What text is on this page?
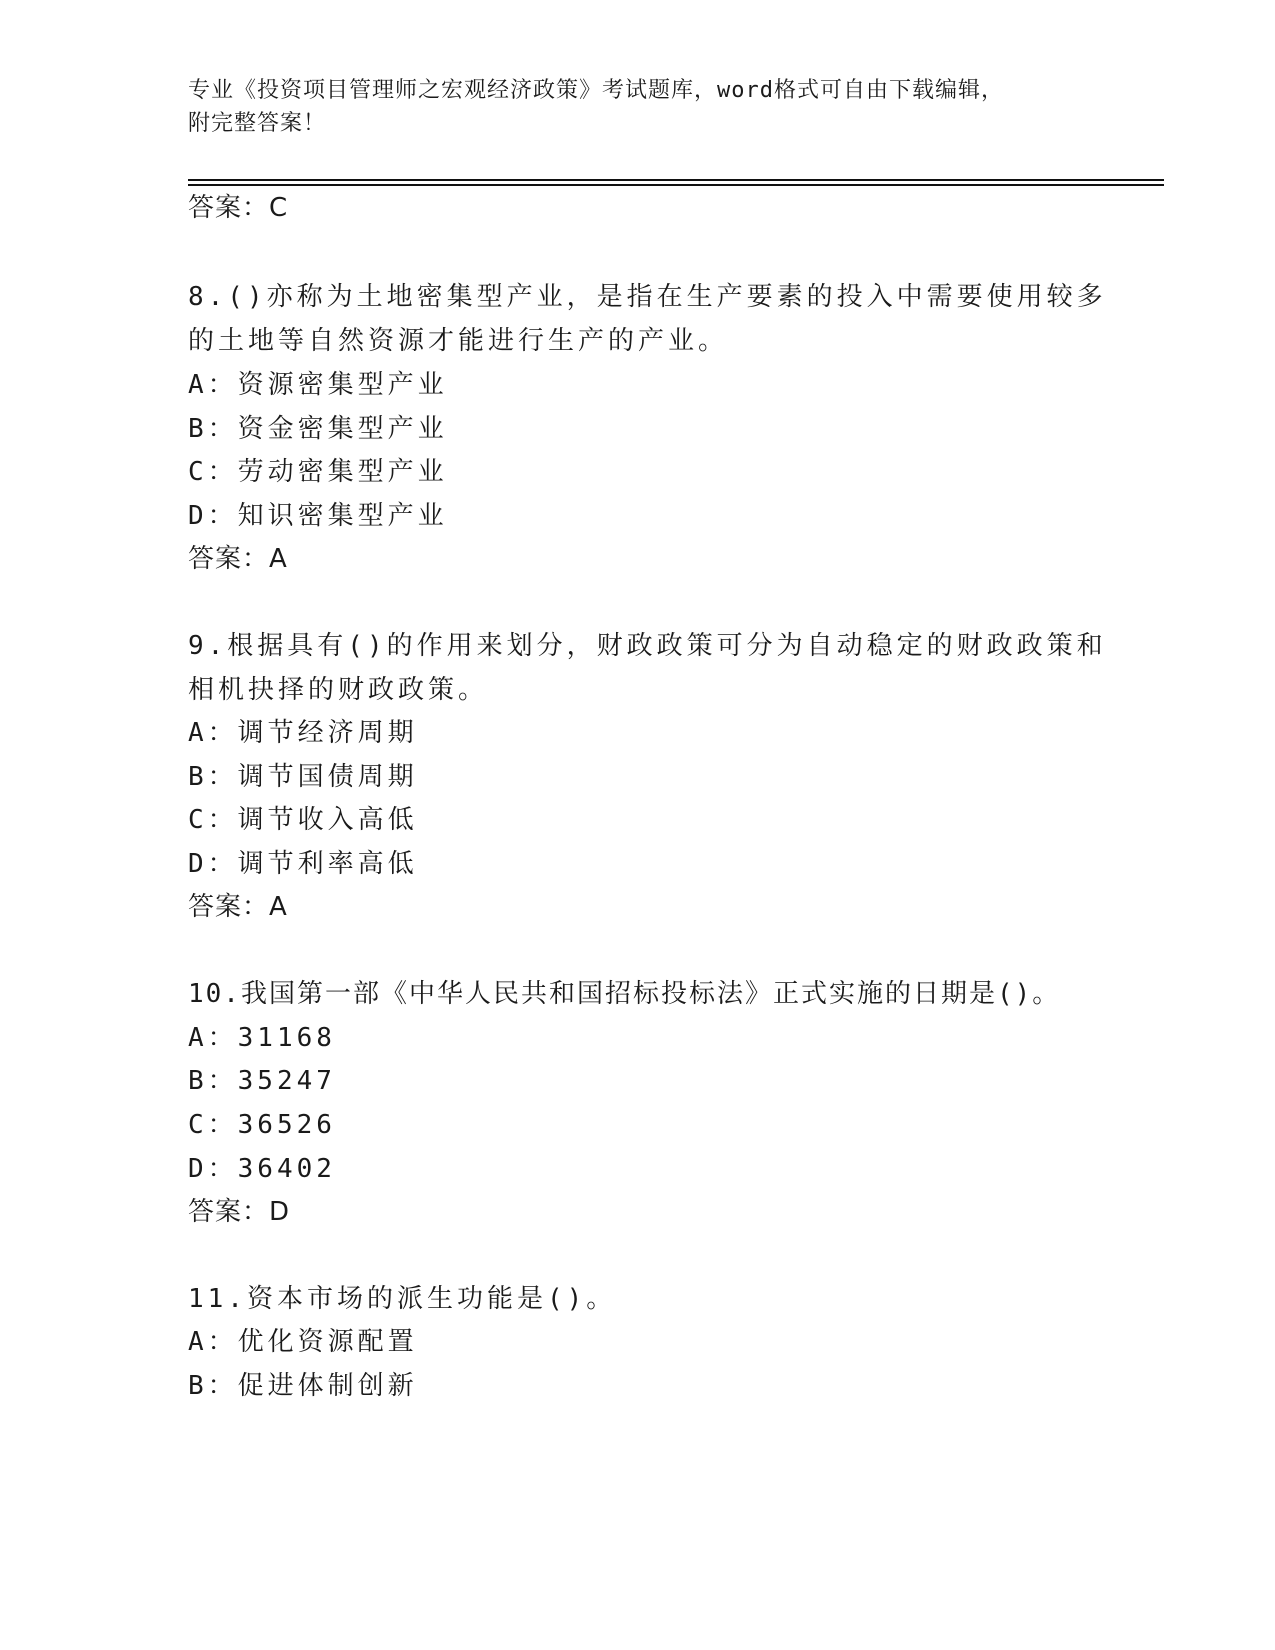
专业《投资项目管理师之宏观经济政策》考试题库，word格式可自由下载编辑，
附完整答案！
答案：C
8.()亦称为土地密集型产业，是指在生产要素的投入中需要使用较多
的土地等自然资源才能进行生产的产业。
A：资源密集型产业
B：资金密集型产业
C：劳动密集型产业
D：知识密集型产业
答案：A
9.根据具有()的作用来划分，财政政策可分为自动稳定的财政政策和
相机抉择的财政政策。
A：调节经济周期
B：调节国债周期
C：调节收入高低
D：调节利率高低
答案：A
10.我国第一部《中华人民共和国招标投标法》正式实施的日期是()。
A：31168
B：35247
C：36526
D：36402
答案：D
11.资本市场的派生功能是()。
A：优化资源配置
B：促进体制创新
